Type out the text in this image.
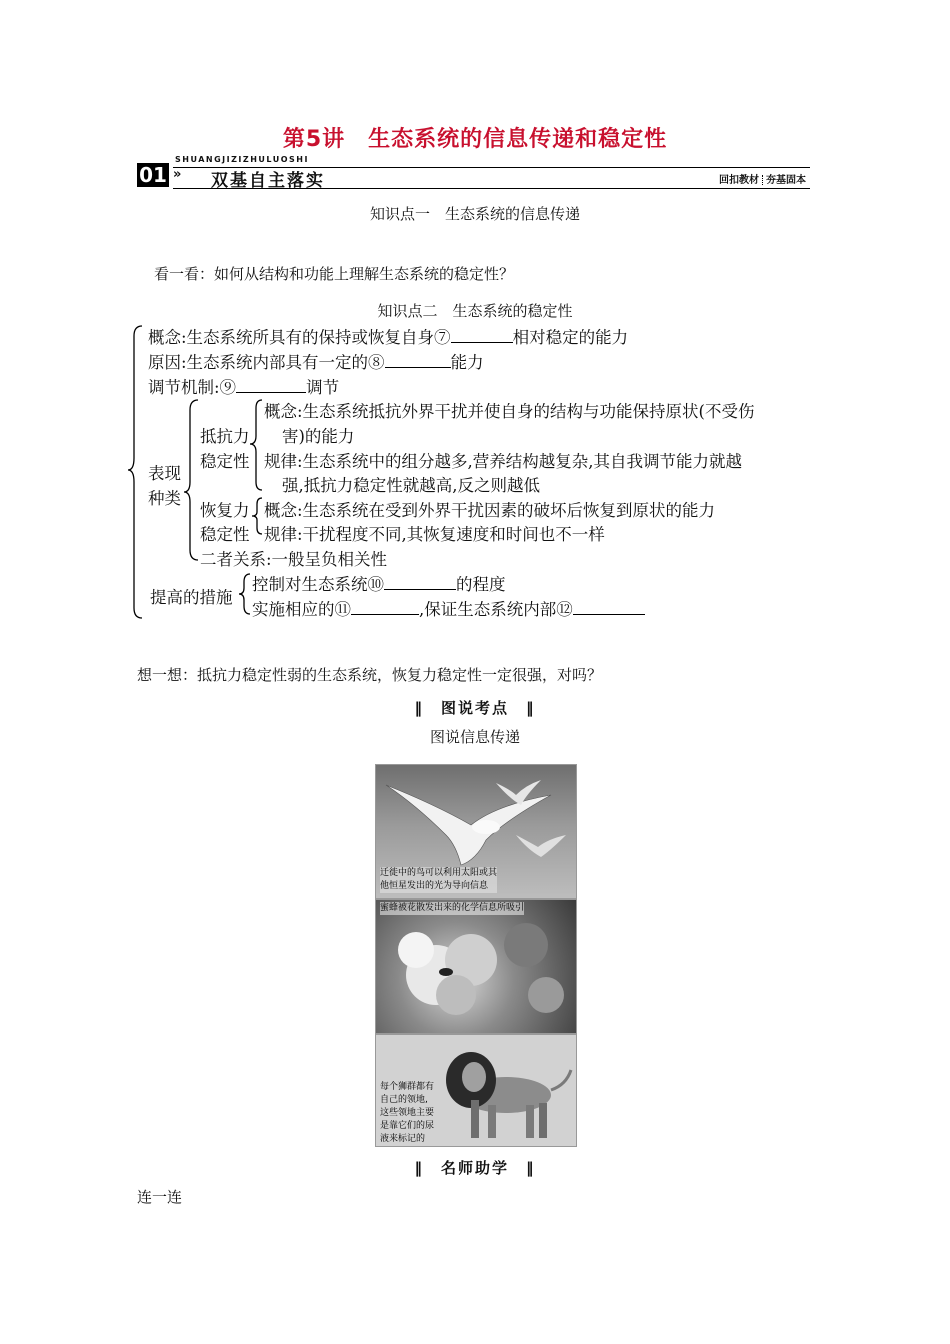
第5讲　生态系统的信息传递和稳定性
SHUANGJIZIZHULUOSHI
01 » 双基自主落实	回扣教材 夯基固本
知识点一　生态系统的信息传递
看一看：如何从结构和功能上理解生态系统的稳定性？
知识点二　生态系统的稳定性
概念:生态系统所具有的保持或恢复自身⑦	相对稳定的能力
原因:生态系统内部具有一定的⑧	能力
调节机制:⑨	调节
表现
种类
抵抗力
稳定性
概念:生态系统抵抗外界干扰并使自身的结构与功能保持原状(不受伤
害)的能力
规律:生态系统中的组分越多,营养结构越复杂,其自我调节能力就越
强,抵抗力稳定性就越高,反之则越低
恢复力
稳定性
概念:生态系统在受到外界干扰因素的破坏后恢复到原状的能力
规律:干扰程度不同,其恢复速度和时间也不一样
二者关系:一般呈负相关性
提高的措施
控制对生态系统⑩	的程度
实施相应的⑪	,保证生态系统内部⑫
想一想：抵抗力稳定性弱的生态系统，恢复力稳定性一定很强，对吗？
‖　 图说考点　 ‖
图说信息传递
迁徙中的鸟可以利用太阳或其
他恒星发出的光为导向信息
蜜蜂被花散发出来的化学信息所吸引
每个狮群都有
自己的领地,
这些领地主要
是靠它们的尿
液来标记的
‖　 名师助学　 ‖
连一连
